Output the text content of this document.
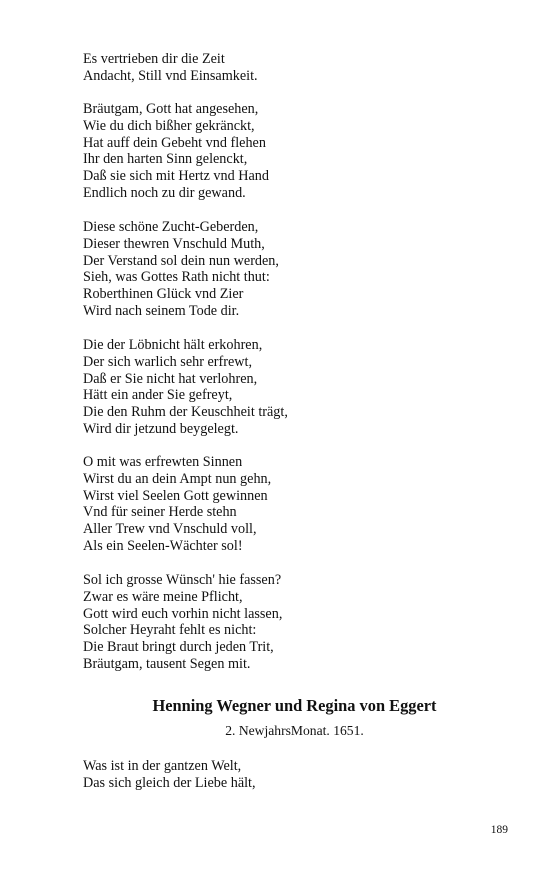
Es vertrieben dir die Zeit
Andacht, Still vnd Einsamkeit.
Bräutgam, Gott hat angesehen,
Wie du dich bißher gekränckt,
Hat auff dein Gebeht vnd flehen
Ihr den harten Sinn gelenckt,
Daß sie sich mit Hertz vnd Hand
Endlich noch zu dir gewand.
Diese schöne Zucht-Geberden,
Dieser thewren Vnschuld Muth,
Der Verstand sol dein nun werden,
Sieh, was Gottes Rath nicht thut:
Roberthinen Glück vnd Zier
Wird nach seinem Tode dir.
Die der Löbnicht hält erkohren,
Der sich warlich sehr erfrewt,
Daß er Sie nicht hat verlohren,
Hätt ein ander Sie gefreyt,
Die den Ruhm der Keuschheit trägt,
Wird dir jetzund beygelegt.
O mit was erfrewten Sinnen
Wirst du an dein Ampt nun gehn,
Wirst viel Seelen Gott gewinnen
Vnd für seiner Herde stehn
Aller Trew vnd Vnschuld voll,
Als ein Seelen-Wächter sol!
Sol ich grosse Wünsch' hie fassen?
Zwar es wäre meine Pflicht,
Gott wird euch vorhin nicht lassen,
Solcher Heyraht fehlt es nicht:
Die Braut bringt durch jeden Trit,
Bräutgam, tausent Segen mit.
Henning Wegner und Regina von Eggert
2. NewjahrsMonat. 1651.
Was ist in der gantzen Welt,
Das sich gleich der Liebe hält,
189
